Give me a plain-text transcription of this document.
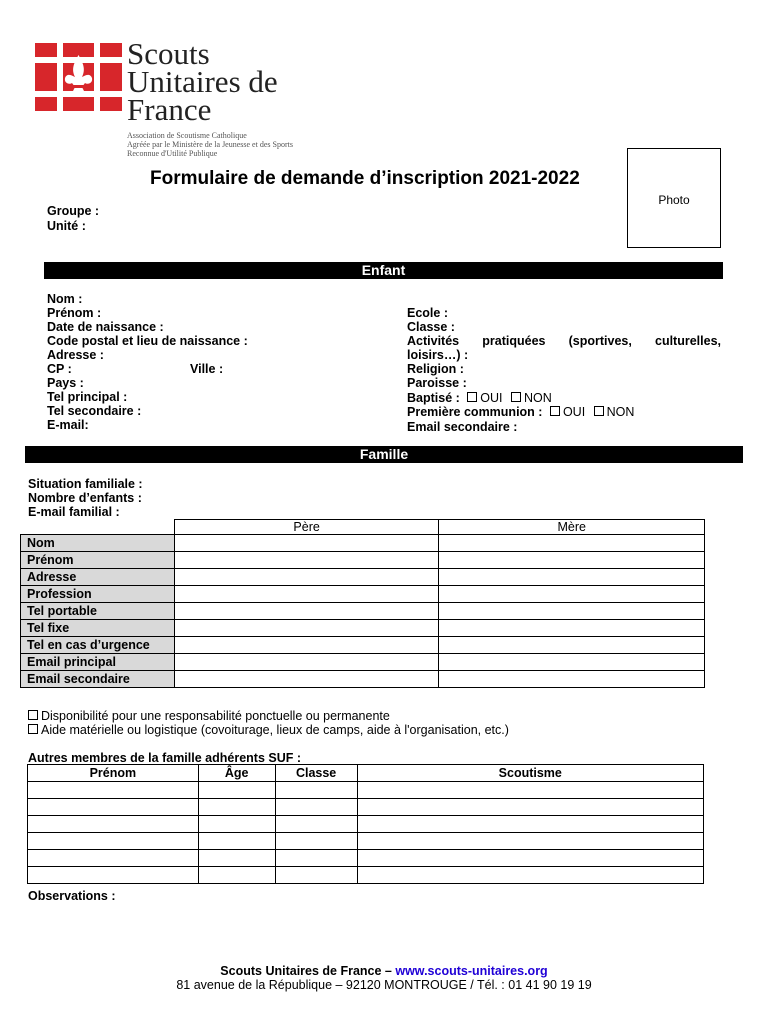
Scouts
Unitaires de
France
Association de Scoutisme Catholique
Agréée par le Ministère de la Jeunesse et des Sports
Reconnue d'Utilité Publique
Formulaire de demande d’inscription 2021-2022
Photo
Groupe :
Unité :
Enfant
Nom :
Prénom :
Date de naissance :
Code postal et lieu de naissance :
Adresse :
CP :	Ville :
Pays :
Tel principal :
Tel secondaire :
E-mail:
Ecole :
Classe :
Activités pratiquées (sportives, culturelles,
loisirs…) :
Religion :
Paroisse :
Baptisé : OUI NON
Première communion : OUI NON
Email secondaire :
Famille
Situation familiale :
Nombre d’enfants :
E-mail familial :
	Père	Mère
Nom		
Prénom		
Adresse		
Profession		
Tel portable		
Tel fixe		
Tel en cas d’urgence		
Email principal		
Email secondaire		
Disponibilité pour une responsabilité ponctuelle ou permanente
Aide matérielle ou logistique (covoiturage, lieux de camps, aide à l'organisation, etc.)
Autres membres de la famille adhérents SUF :
Prénom	Âge	Classe	Scoutisme

Observations :
Scouts Unitaires de France – www.scouts-unitaires.org
81 avenue de la République – 92120 MONTROUGE / Tél. : 01 41 90 19 19
